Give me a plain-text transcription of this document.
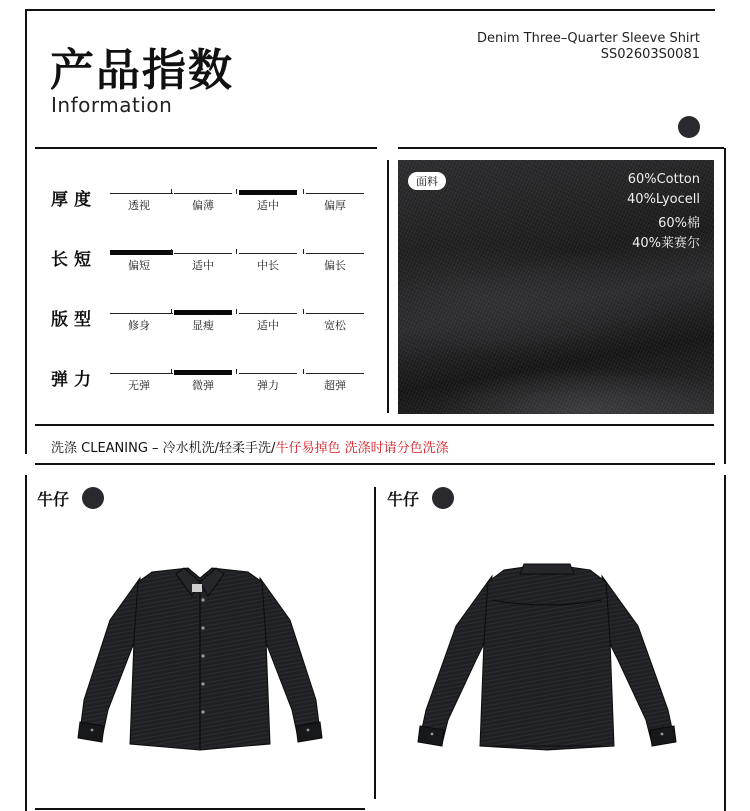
产品指数
Information
Denim Three–Quarter Sleeve Shirt
SS02603S0081
厚度	透视	偏薄	适中	偏厚
长短	偏短	适中	中长	偏长
版型	修身	显瘦	适中	宽松
弹力	无弹	微弹	弹力	超弹
面料	60%Cotton
40%Lyocell
60%棉
40%莱赛尔
洗涤 CLEANING – 冷水机洗/轻柔手洗/牛仔易掉色 洗涤时请分色洗涤
牛仔	牛仔
